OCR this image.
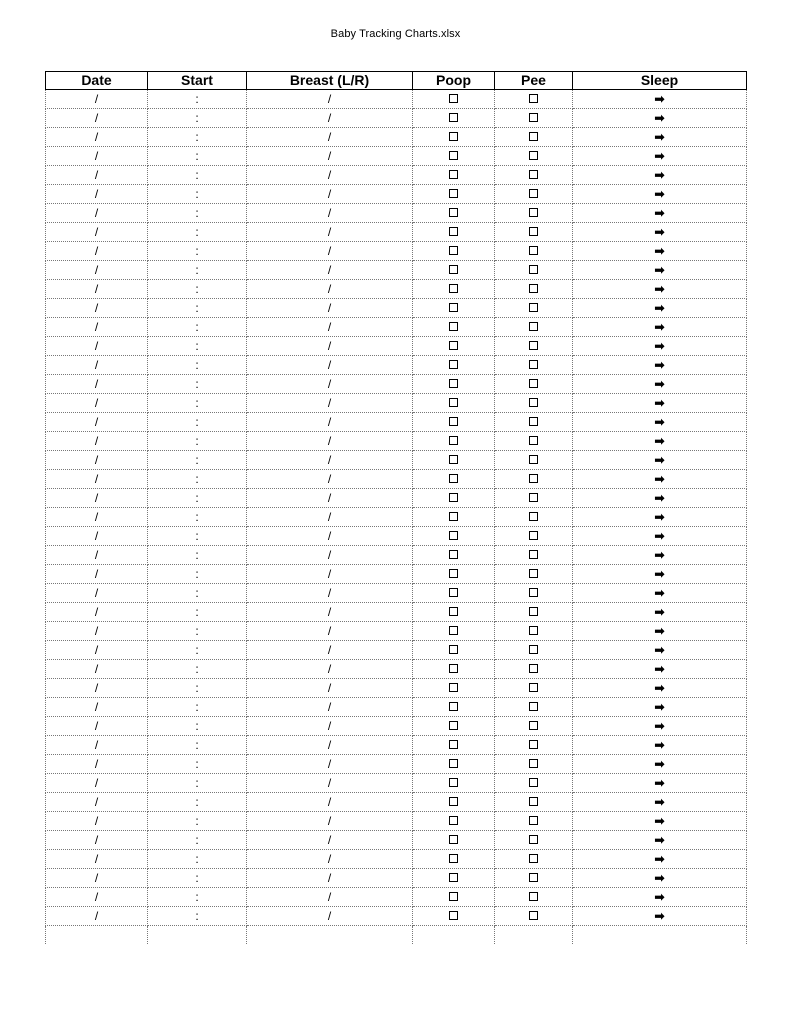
Baby Tracking Charts.xlsx
Date	Start	Breast (L/R)	Poop	Pee	Sleep
/	:	/			➡
/	:	/			➡
/	:	/			➡
/	:	/			➡
/	:	/			➡
/	:	/			➡
/	:	/			➡
/	:	/			➡
/	:	/			➡
/	:	/			➡
/	:	/			➡
/	:	/			➡
/	:	/			➡
/	:	/			➡
/	:	/			➡
/	:	/			➡
/	:	/			➡
/	:	/			➡
/	:	/			➡
/	:	/			➡
/	:	/			➡
/	:	/			➡
/	:	/			➡
/	:	/			➡
/	:	/			➡
/	:	/			➡
/	:	/			➡
/	:	/			➡
/	:	/			➡
/	:	/			➡
/	:	/			➡
/	:	/			➡
/	:	/			➡
/	:	/			➡
/	:	/			➡
/	:	/			➡
/	:	/			➡
/	:	/			➡
/	:	/			➡
/	:	/			➡
/	:	/			➡
/	:	/			➡
/	:	/			➡
/	:	/			➡
